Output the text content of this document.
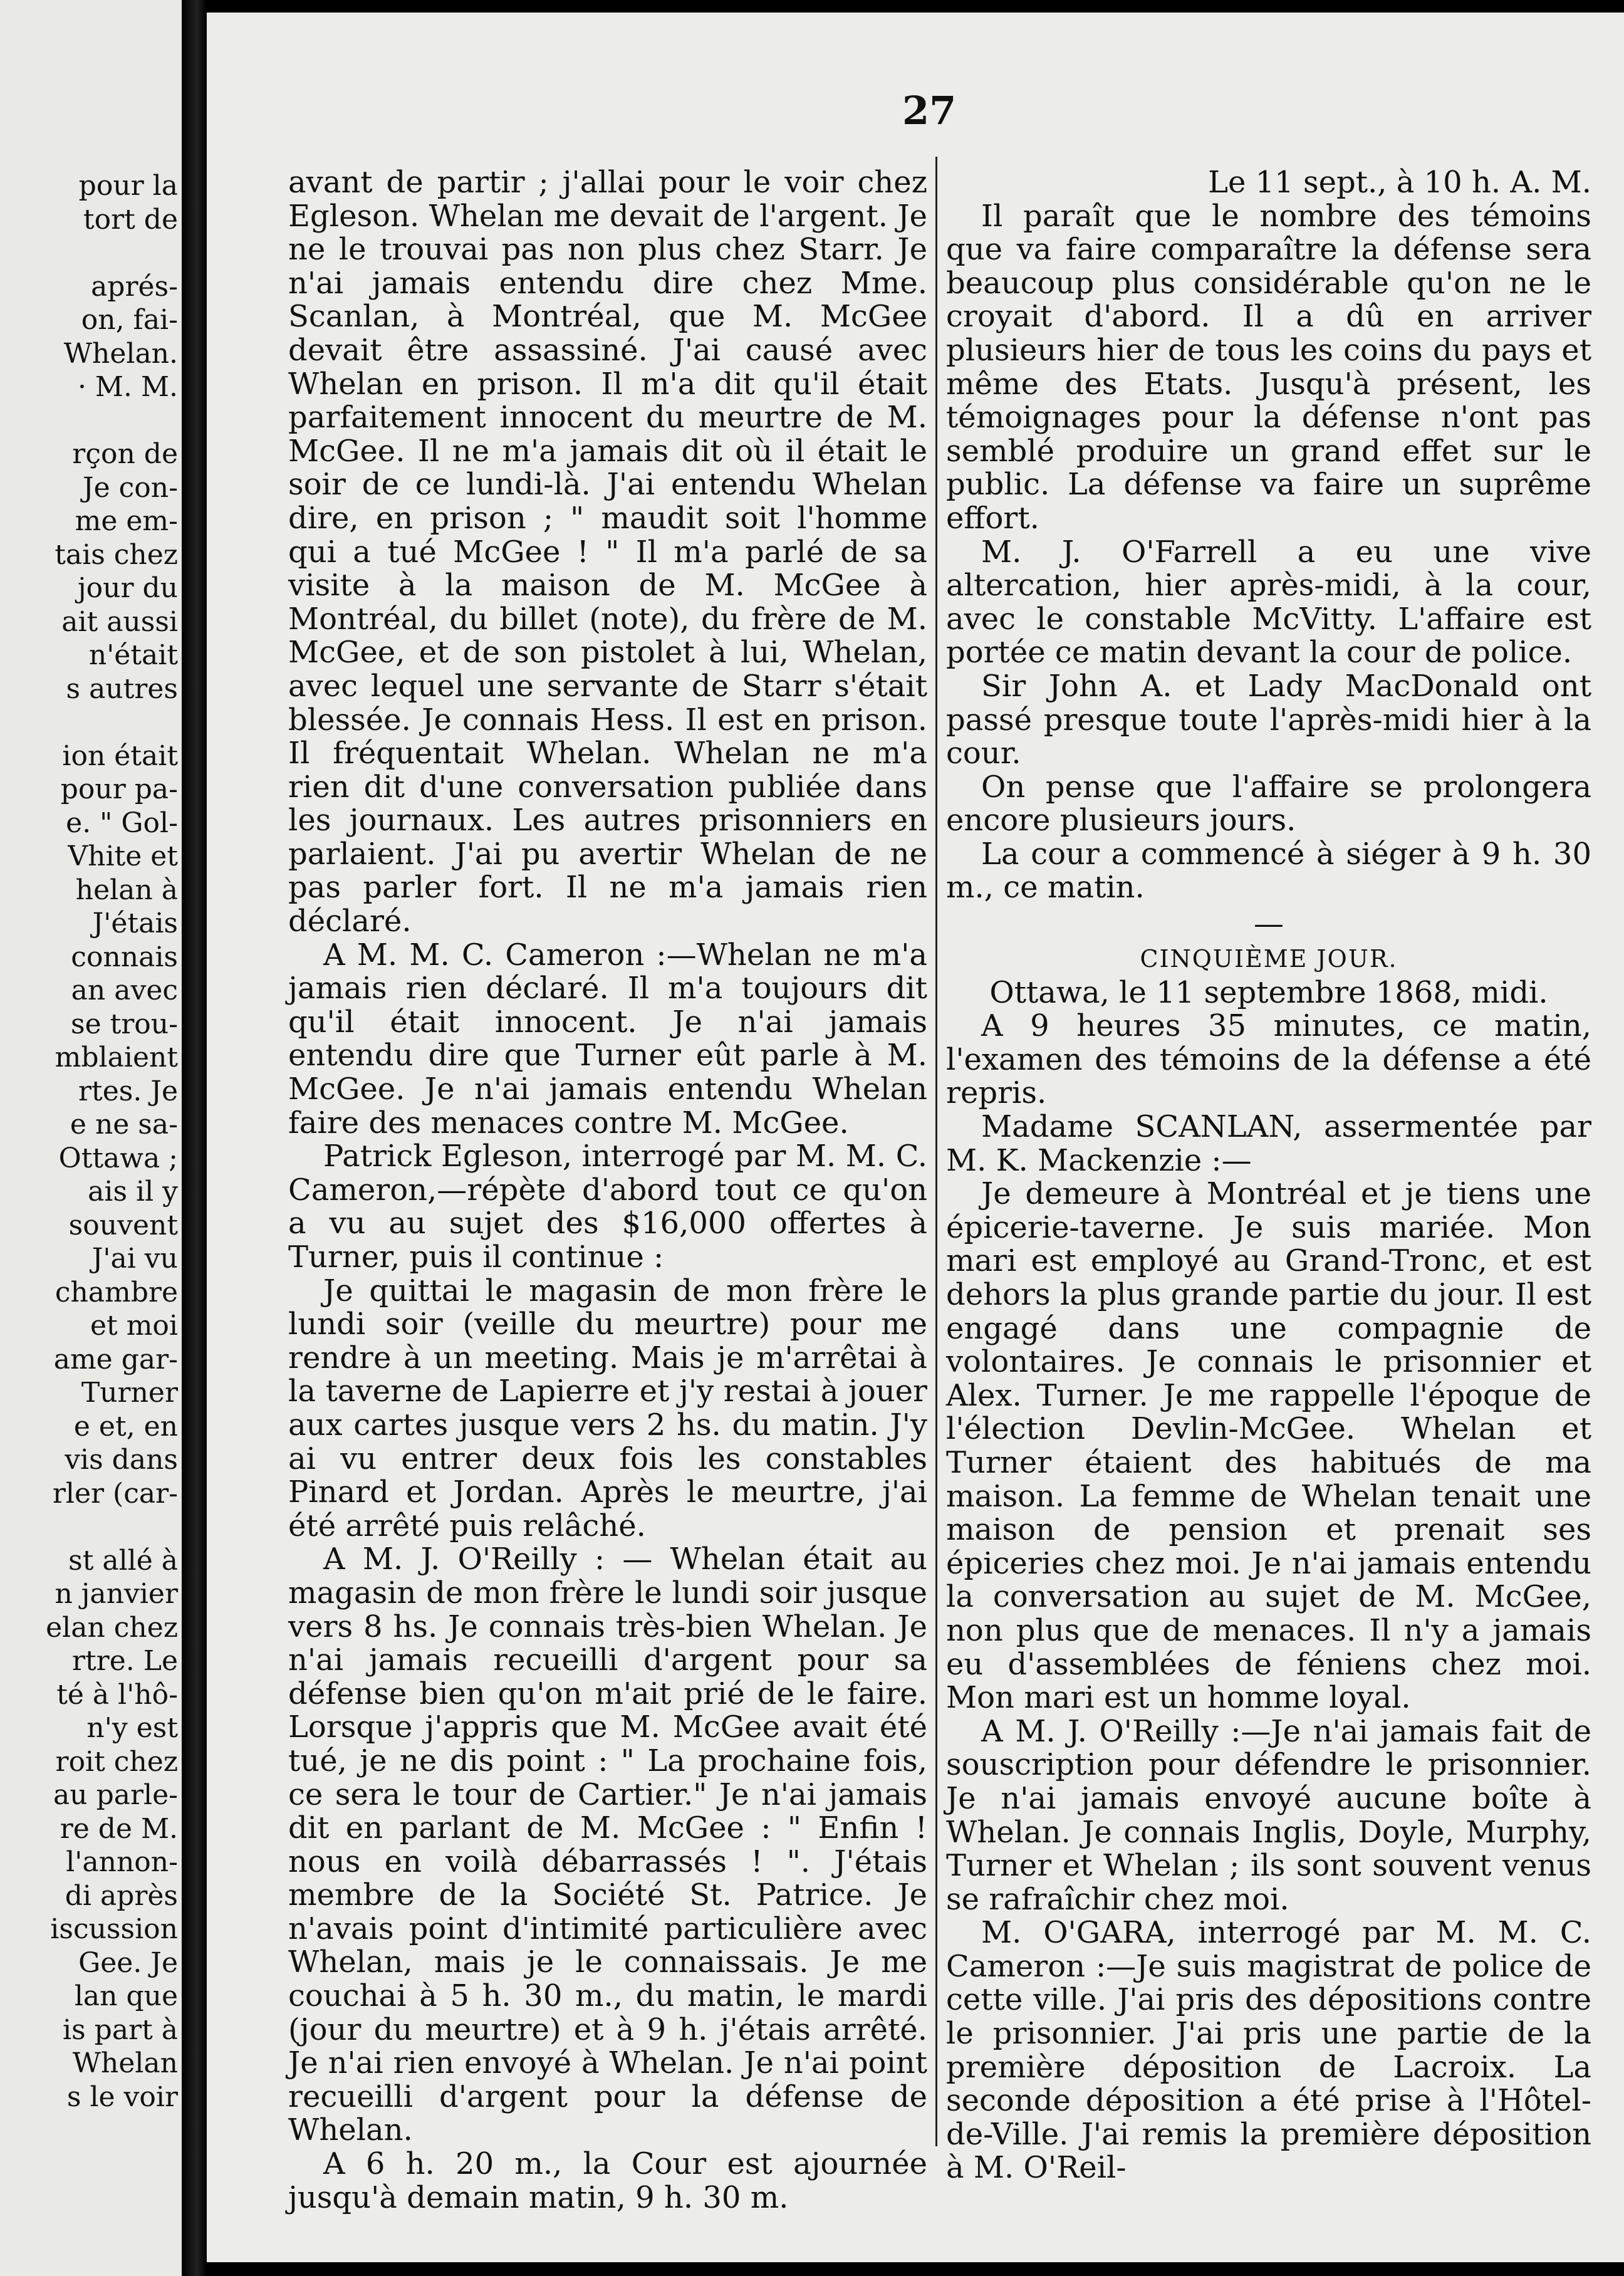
pour la
tort de
aprés-
on, fai-
Whelan.
· M. M.
rçon de
Je con-
me em-
tais chez
jour du
ait aussi
n'était
s autres
ion était
pour pa-
e. " Gol-
Vhite et
helan à
J'étais
connais
an avec
se trou-
mblaient
rtes. Je
e ne sa-
Ottawa ;
ais il y
souvent
J'ai vu
chambre
et moi
ame gar-
Turner
e et, en
vis dans
rler (car-
st allé à
n janvier
elan chez
rtre. Le
té à l'hô-
n'y est
roit chez
au parle-
re de M.
l'annon-
di après
iscussion
Gee. Je
lan que
is part à
Whelan
s le voir
27

avant de partir ; j'allai pour le voir chez Egleson. Whelan me devait de l'argent. Je ne le trouvai pas non plus chez Starr. Je n'ai jamais entendu dire chez Mme. Scanlan, à Montréal, que M. McGee devait être assassiné. J'ai causé avec Whelan en prison. Il m'a dit qu'il était parfaitement innocent du meurtre de M. McGee. Il ne m'a jamais dit où il était le soir de ce lundi-là. J'ai entendu Whelan dire, en prison ; " maudit soit l'homme qui a tué McGee ! " Il m'a parlé de sa visite à la maison de M. McGee à Montréal, du billet (note), du frère de M. McGee, et de son pistolet à lui, Whelan, avec lequel une servante de Starr s'était blessée. Je connais Hess. Il est en prison. Il fréquentait Whelan. Whelan ne m'a rien dit d'une conversation publiée dans les journaux. Les autres prisonniers en parlaient. J'ai pu avertir Whelan de ne pas parler fort. Il ne m'a jamais rien déclaré.

A M. M. C. Cameron :—Whelan ne m'a jamais rien déclaré. Il m'a toujours dit qu'il était innocent. Je n'ai jamais entendu dire que Turner eût parle à M. McGee. Je n'ai jamais entendu Whelan faire des menaces contre M. McGee.

Patrick Egleson, interrogé par M. M. C. Cameron,—répète d'abord tout ce qu'on a vu au sujet des $16,000 offertes à Turner, puis il continue :

Je quittai le magasin de mon frère le lundi soir (veille du meurtre) pour me rendre à un meeting. Mais je m'arrêtai à la taverne de Lapierre et j'y restai à jouer aux cartes jusque vers 2 hs. du matin. J'y ai vu entrer deux fois les constables Pinard et Jordan. Après le meurtre, j'ai été arrêté puis relâché.

A M. J. O'Reilly : — Whelan était au magasin de mon frère le lundi soir jusque vers 8 hs. Je connais très-bien Whelan. Je n'ai jamais recueilli d'argent pour sa défense bien qu'on m'ait prié de le faire. Lorsque j'appris que M. McGee avait été tué, je ne dis point : " La prochaine fois, ce sera le tour de Cartier." Je n'ai jamais dit en parlant de M. McGee : " Enfin ! nous en voilà débarrassés ! ". J'étais membre de la Société St. Patrice. Je n'avais point d'intimité particulière avec Whelan, mais je le connaissais. Je me couchai à 5 h. 30 m., du matin, le mardi (jour du meurtre) et à 9 h. j'étais arrêté. Je n'ai rien envoyé à Whelan. Je n'ai point recueilli d'argent pour la défense de Whelan.

A 6 h. 20 m., la Cour est ajournée jusqu'à demain matin, 9 h. 30 m.

Le 11 sept., à 10 h. A. M.

Il paraît que le nombre des témoins que va faire comparaître la défense sera beaucoup plus considérable qu'on ne le croyait d'abord. Il a dû en arriver plusieurs hier de tous les coins du pays et même des Etats. Jusqu'à présent, les témoignages pour la défense n'ont pas semblé produire un grand effet sur le public. La défense va faire un suprême effort.

M. J. O'Farrell a eu une vive altercation, hier après-midi, à la cour, avec le constable McVitty. L'affaire est portée ce matin devant la cour de police.

Sir John A. et Lady MacDonald ont passé presque toute l'après-midi hier à la cour.

On pense que l'affaire se prolongera encore plusieurs jours.

La cour a commencé à siéger à 9 h. 30 m., ce matin.

—

CINQUIÈME JOUR.

Ottawa, le 11 septembre 1868, midi.

A 9 heures 35 minutes, ce matin, l'examen des témoins de la défense a été repris.

Madame SCANLAN, assermentée par M. K. Mackenzie :—

Je demeure à Montréal et je tiens une épicerie-taverne. Je suis mariée. Mon mari est employé au Grand-Tronc, et est dehors la plus grande partie du jour. Il est engagé dans une compagnie de volontaires. Je connais le prisonnier et Alex. Turner. Je me rappelle l'époque de l'élection Devlin-McGee. Whelan et Turner étaient des habitués de ma maison. La femme de Whelan tenait une maison de pension et prenait ses épiceries chez moi. Je n'ai jamais entendu la conversation au sujet de M. McGee, non plus que de menaces. Il n'y a jamais eu d'assemblées de féniens chez moi. Mon mari est un homme loyal.

A M. J. O'Reilly :—Je n'ai jamais fait de souscription pour défendre le prisonnier. Je n'ai jamais envoyé aucune boîte à Whelan. Je connais Inglis, Doyle, Murphy, Turner et Whelan ; ils sont souvent venus se rafraîchir chez moi.

M. O'GARA, interrogé par M. M. C. Cameron :—Je suis magistrat de police de cette ville. J'ai pris des dépositions contre le prisonnier. J'ai pris une partie de la première déposition de Lacroix. La seconde déposition a été prise à l'Hôtel-de-Ville. J'ai remis la première déposition à M. O'Reil-
